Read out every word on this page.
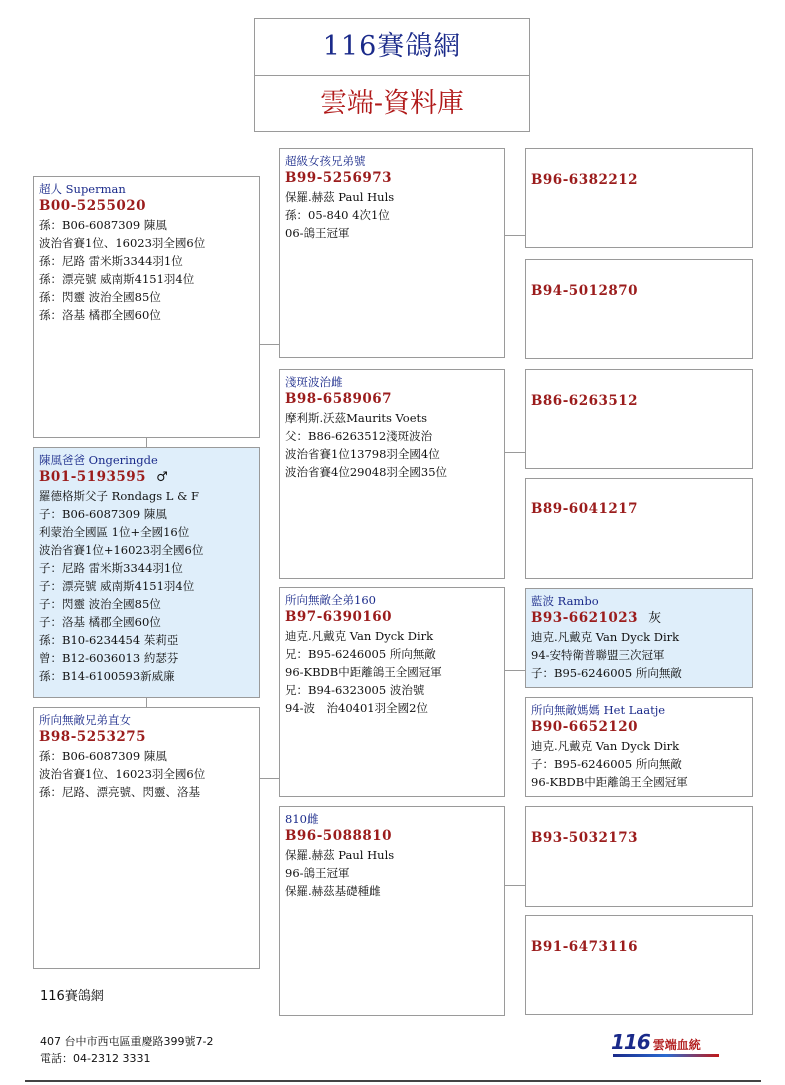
116賽鴿網
雲端-資料庫
超人 Superman
B00-5255020
孫：B06-6087309 陳風
波治省賽1位、16023羽全國6位
孫：尼路 雷米斯3344羽1位
孫：漂亮號 威南斯4151羽4位
孫：閃靈 波治全國85位
孫：洛基 橘郡全國60位
陳風爸爸 Ongeringde
B01-5193595 ♂
羅德格斯父子 Rondags L & F
子：B06-6087309 陳風
利蒙治全國區 1位+全國16位
波治省賽1位+16023羽全國6位
子：尼路 雷米斯3344羽1位
子：漂亮號 威南斯4151羽4位
子：閃靈 波治全國85位
子：洛基 橘郡全國60位
孫：B10-6234454 茱莉亞
曾：B12-6036013 約瑟芬
孫：B14-6100593新威廉
所向無敵兄弟直女
B98-5253275
孫：B06-6087309 陳風
波治省賽1位、16023羽全國6位
孫：尼路、漂亮號、閃靈、洛基
超級女孩兄弟號
B99-5256973
保羅.赫茲 Paul Huls
孫：05-840 4次1位
06-鴿王冠軍
淺斑波治雌
B98-6589067
摩利斯.沃茲Maurits Voets
父：B86-6263512淺斑波治
波治省賽1位13798羽全國4位
波治省賽4位29048羽全國35位
所向無敵全弟160
B97-6390160
迪克.凡戴克 Van Dyck Dirk
兄：B95-6246005 所向無敵
96-KBDB中距離鴿王全國冠軍
兄：B94-6323005 波治號
94-波　治40401羽全國2位
810雌
B96-5088810
保羅.赫茲 Paul Huls
96-鴿王冠軍
保羅.赫茲基礎種雌
B96-6382212
B94-5012870
B86-6263512
B89-6041217
藍波 Rambo
B93-6621023 灰
迪克.凡戴克 Van Dyck Dirk
94-安特衛普聯盟三次冠軍
子：B95-6246005 所向無敵
所向無敵媽媽 Het Laatje
B90-6652120
迪克.凡戴克 Van Dyck Dirk
子：B95-6246005 所向無敵
96-KBDB中距離鴿王全國冠軍
B93-5032173
B91-6473116
116賽鴿網
407 台中市西屯區重慶路399號7-2
電話：04-2312 3331
116 雲端血統
